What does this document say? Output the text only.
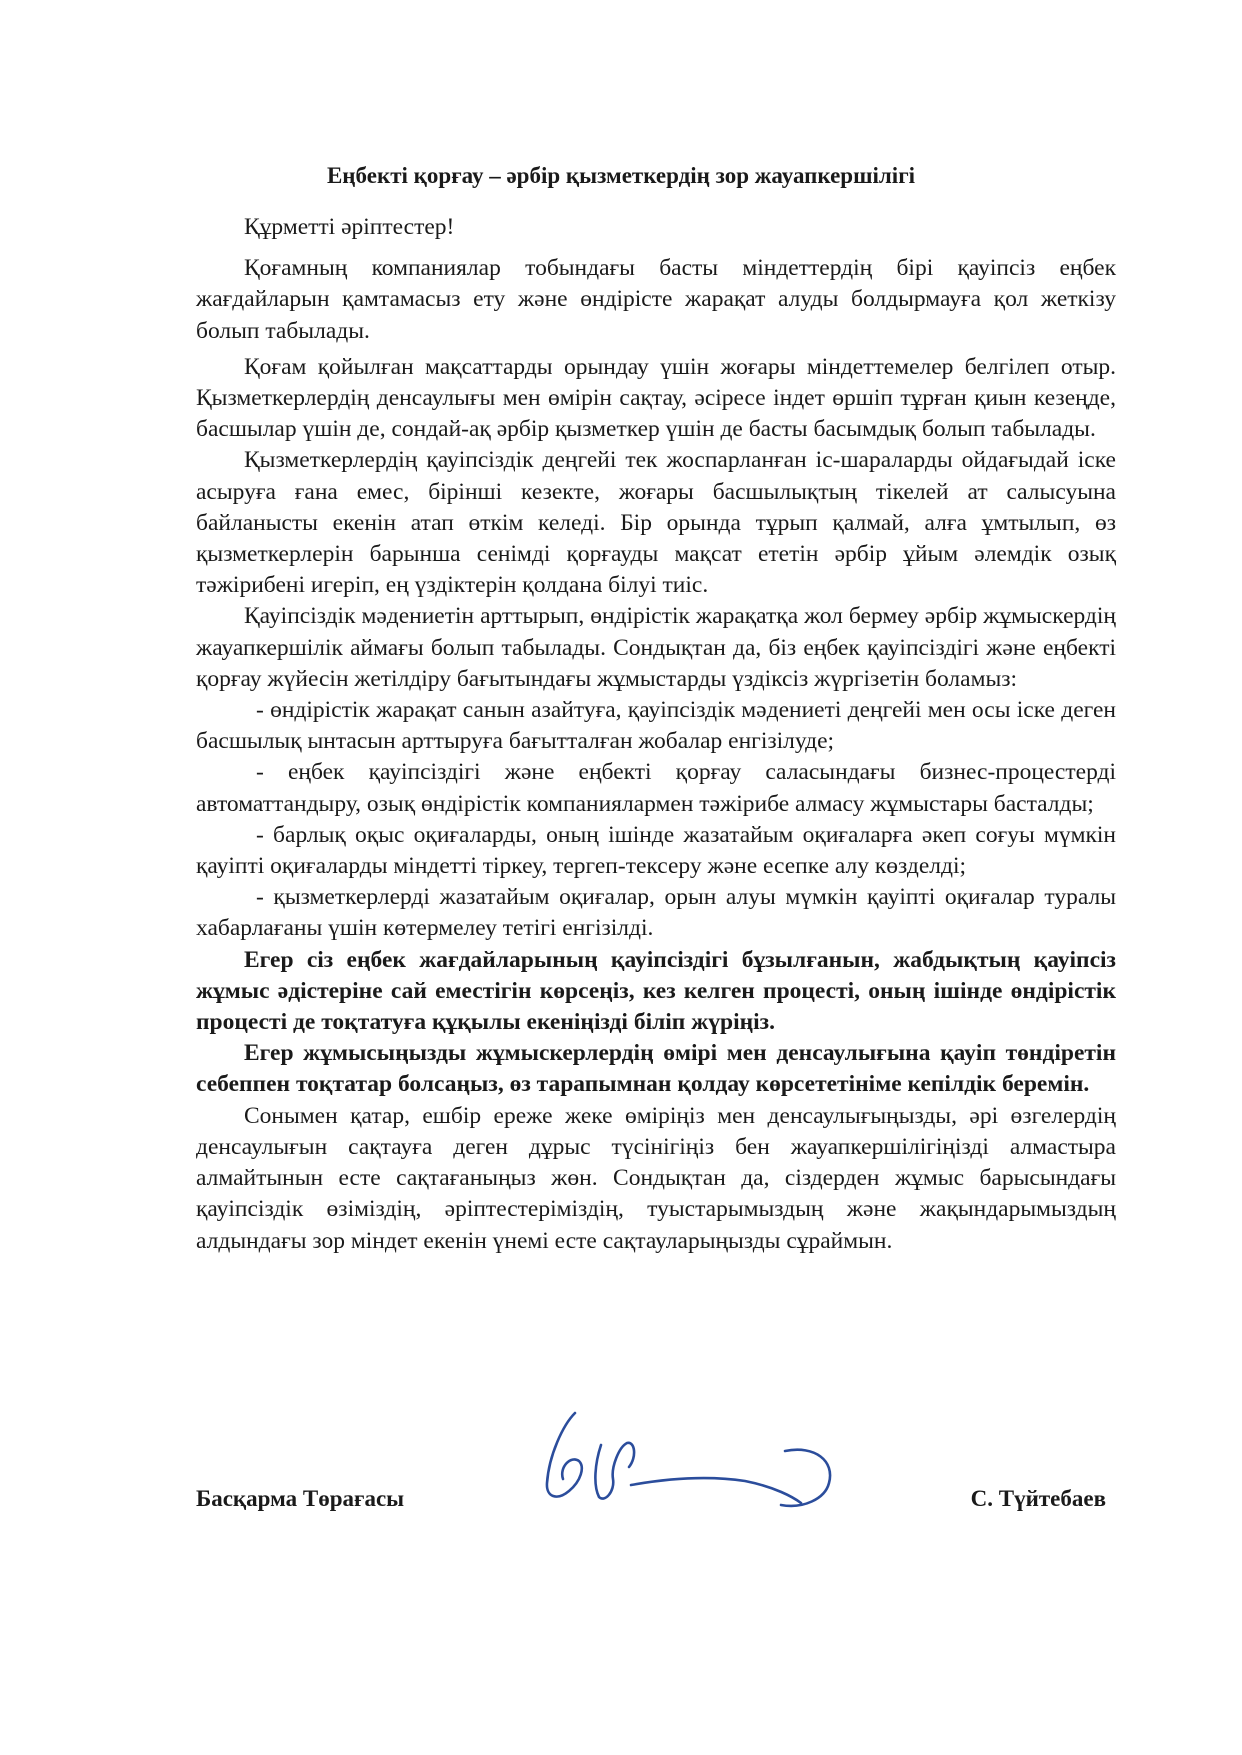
Еңбекті қорғау – әрбір қызметкердің зор жауапкершілігі

Құрметті әріптестер!

Қоғамның компаниялар тобындағы басты міндеттердің бірі қауіпсіз еңбек жағдайларын қамтамасыз ету және өндірісте жарақат алуды болдырмауға қол жеткізу болып табылады.

Қоғам қойылған мақсаттарды орындау үшін жоғары міндеттемелер белгілеп отыр. Қызметкерлердің денсаулығы мен өмірін сақтау, әсіресе індет өршіп тұрған қиын кезеңде, басшылар үшін де, сондай-ақ әрбір қызметкер үшін де басты басымдық болып табылады.

Қызметкерлердің қауіпсіздік деңгейі тек жоспарланған іс-шараларды ойдағыдай іске асыруға ғана емес, бірінші кезекте, жоғары басшылықтың тікелей ат салысуына байланысты екенін атап өткім келеді. Бір орында тұрып қалмай, алға ұмтылып, өз қызметкерлерін барынша сенімді қорғауды мақсат ететін әрбір ұйым әлемдік озық тәжірибені игеріп, ең үздіктерін қолдана білуі тиіс.

Қауіпсіздік мәдениетін арттырып, өндірістік жарақатқа жол бермеу әрбір жұмыскердің жауапкершілік аймағы болып табылады. Сондықтан да, біз еңбек қауіпсіздігі және еңбекті қорғау жүйесін жетілдіру бағытындағы жұмыстарды үздіксіз жүргізетін боламыз:

- өндірістік жарақат санын азайтуға, қауіпсіздік мәдениеті деңгейі мен осы іске деген басшылық ынтасын арттыруға бағытталған жобалар енгізілуде;

- еңбек қауіпсіздігі және еңбекті қорғау саласындағы бизнес-процестерді автоматтандыру, озық өндірістік компаниялармен тәжірибе алмасу жұмыстары басталды;

- барлық оқыс оқиғаларды, оның ішінде жазатайым оқиғаларға әкеп соғуы мүмкін қауіпті оқиғаларды міндетті тіркеу, тергеп-тексеру және есепке алу көзделді;

- қызметкерлерді жазатайым оқиғалар, орын алуы мүмкін қауіпті оқиғалар туралы хабарлағаны үшін көтермелеу тетігі енгізілді.

Егер сіз еңбек жағдайларының қауіпсіздігі бұзылғанын, жабдықтың қауіпсіз жұмыс әдістеріне сай еместігін көрсеңіз, кез келген процесті, оның ішінде өндірістік процесті де тоқтатуға құқылы екеніңізді біліп жүріңіз.

Егер жұмысыңызды жұмыскерлердің өмірі мен денсаулығына қауіп төндіретін себеппен тоқтатар болсаңыз, өз тарапымнан қолдау көрсететініме кепілдік беремін.

Сонымен қатар, ешбір ереже жеке өміріңіз мен денсаулығыңызды, әрі өзгелердің денсаулығын сақтауға деген дұрыс түсінігіңіз бен жауапкершілігіңізді алмастыра алмайтынын есте сақтағаныңыз жөн. Сондықтан да, сіздерден жұмыс барысындағы қауіпсіздік өзіміздің, әріптестеріміздің, туыстарымыздың және жақындарымыздың алдындағы зор міндет екенін үнемі есте сақтауларыңызды сұраймын.

Басқарма Төрағасы	С. Түйтебаев
